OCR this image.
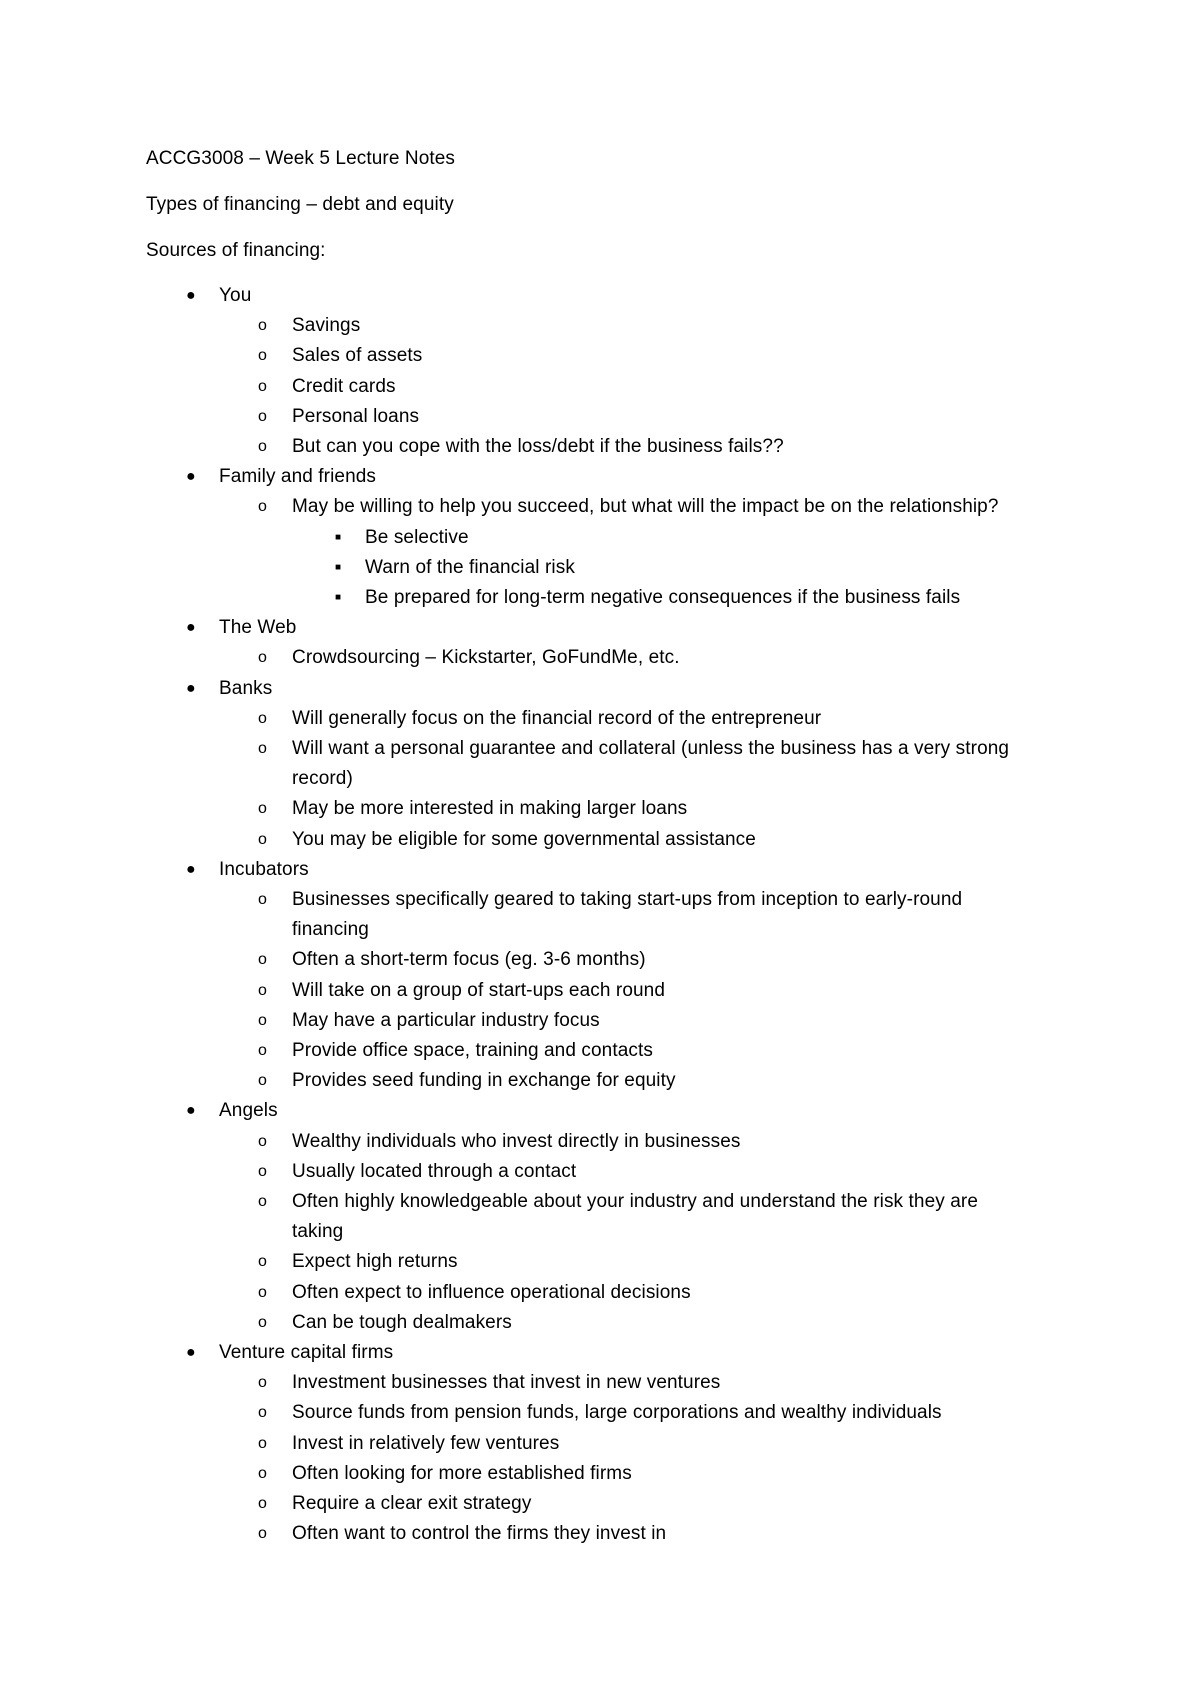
ACCG3008 – Week 5 Lecture Notes
Types of financing – debt and equity
Sources of financing:
● You
o Savings
o Sales of assets
o Credit cards
o Personal loans
o But can you cope with the loss/debt if the business fails??
● Family and friends
o May be willing to help you succeed, but what will the impact be on the relationship?
■ Be selective
■ Warn of the financial risk
■ Be prepared for long-term negative consequences if the business fails
● The Web
o Crowdsourcing – Kickstarter, GoFundMe, etc.
● Banks
o Will generally focus on the financial record of the entrepreneur
o Will want a personal guarantee and collateral (unless the business has a very strong
record)
o May be more interested in making larger loans
o You may be eligible for some governmental assistance
● Incubators
o Businesses specifically geared to taking start-ups from inception to early-round
financing
o Often a short-term focus (eg. 3-6 months)
o Will take on a group of start-ups each round
o May have a particular industry focus
o Provide office space, training and contacts
o Provides seed funding in exchange for equity
● Angels
o Wealthy individuals who invest directly in businesses
o Usually located through a contact
o Often highly knowledgeable about your industry and understand the risk they are
taking
o Expect high returns
o Often expect to influence operational decisions
o Can be tough dealmakers
● Venture capital firms
o Investment businesses that invest in new ventures
o Source funds from pension funds, large corporations and wealthy individuals
o Invest in relatively few ventures
o Often looking for more established firms
o Require a clear exit strategy
o Often want to control the firms they invest in
